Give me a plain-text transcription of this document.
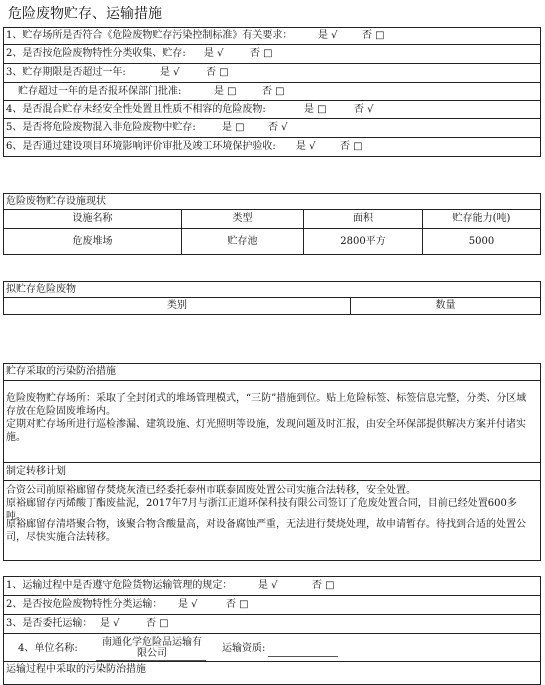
危险废物贮存、运输措施
1、贮存场所是否符合《危险废物贮存污染控制标准》有关要求：	是 √ 否 □
2、是否按危险废物特性分类收集、贮存: 是 √	否 □
3、贮存期限是否超过一年:	是 √	否 □
贮存超过一年的是否报环保部门批准:	是 □	否 □
4、是否混合贮存未经安全性处置且性质不相容的危险废物:	是 □	否 √
5、是否将危险废物混入非危险废物中贮存:	是 □ 否 √
6、是否通过建设项目环境影响评价审批及竣工环境保护验收: 是 √ 否 □
危险废物贮存设施现状
设施名称	类型	面积	贮存能力(吨)
危废堆场	贮存池	2800平方	5000
拟贮存危险废物
类别	数量
贮存采取的污染防治措施
危险废物贮存场所：采取了全封闭式的堆场管理模式，“三防”措施到位。贴上危险标签、标签信息完整，分类、分区域存放在危险固废堆场内。
定期对贮存场所进行巡检渗漏、建筑设施、灯光照明等设施，发现问题及时汇报，由安全环保部提供解决方案并付诸实施。
制定转移计划
合资公司前原裕廊留存焚烧灰渣已经委托泰州市联泰固废处置公司实施合法转移，安全处置。
原裕廊留存丙烯酸丁酯废盐泥，2017年7月与浙江正道环保科技有限公司签订了危废处置合同，目前已经处置600多吨。
原裕廊留存清塔聚合物，该聚合物含酸量高，对设备腐蚀严重，无法进行焚烧处理，故申请暂存。待找到合适的处置公司，尽快实施合法转移。
1、运输过程中是否遵守危险货物运输管理的规定：	是 √	否 □
2、是否按危险废物特性分类运输： 是 √	否 □
3、是否委托运输： 是 √	否 □
4、单位名称:
南通化学危险品运输有
限公司	运输资质:
运输过程中采取的污染防治措施
